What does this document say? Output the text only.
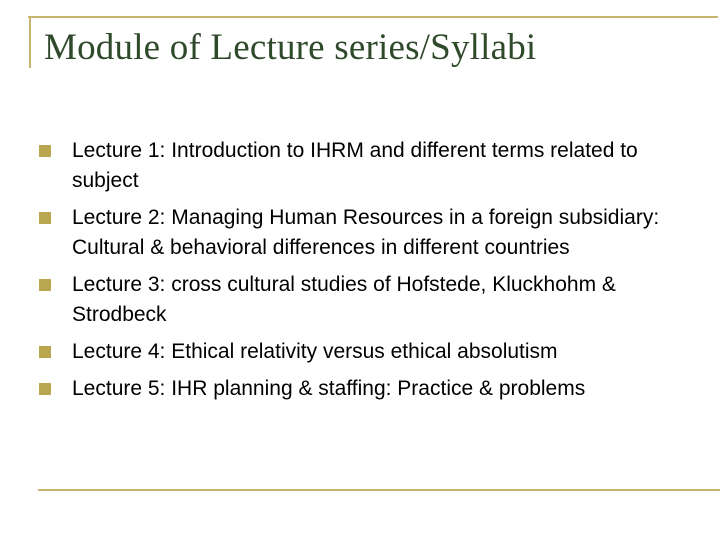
Module of Lecture series/Syllabi
Lecture 1: Introduction to IHRM and different terms related to subject
Lecture 2: Managing Human Resources in a foreign subsidiary: Cultural & behavioral differences in different countries
Lecture 3: cross cultural studies of Hofstede, Kluckhohm & Strodbeck
Lecture 4: Ethical relativity versus ethical absolutism
Lecture 5: IHR planning & staffing: Practice & problems
